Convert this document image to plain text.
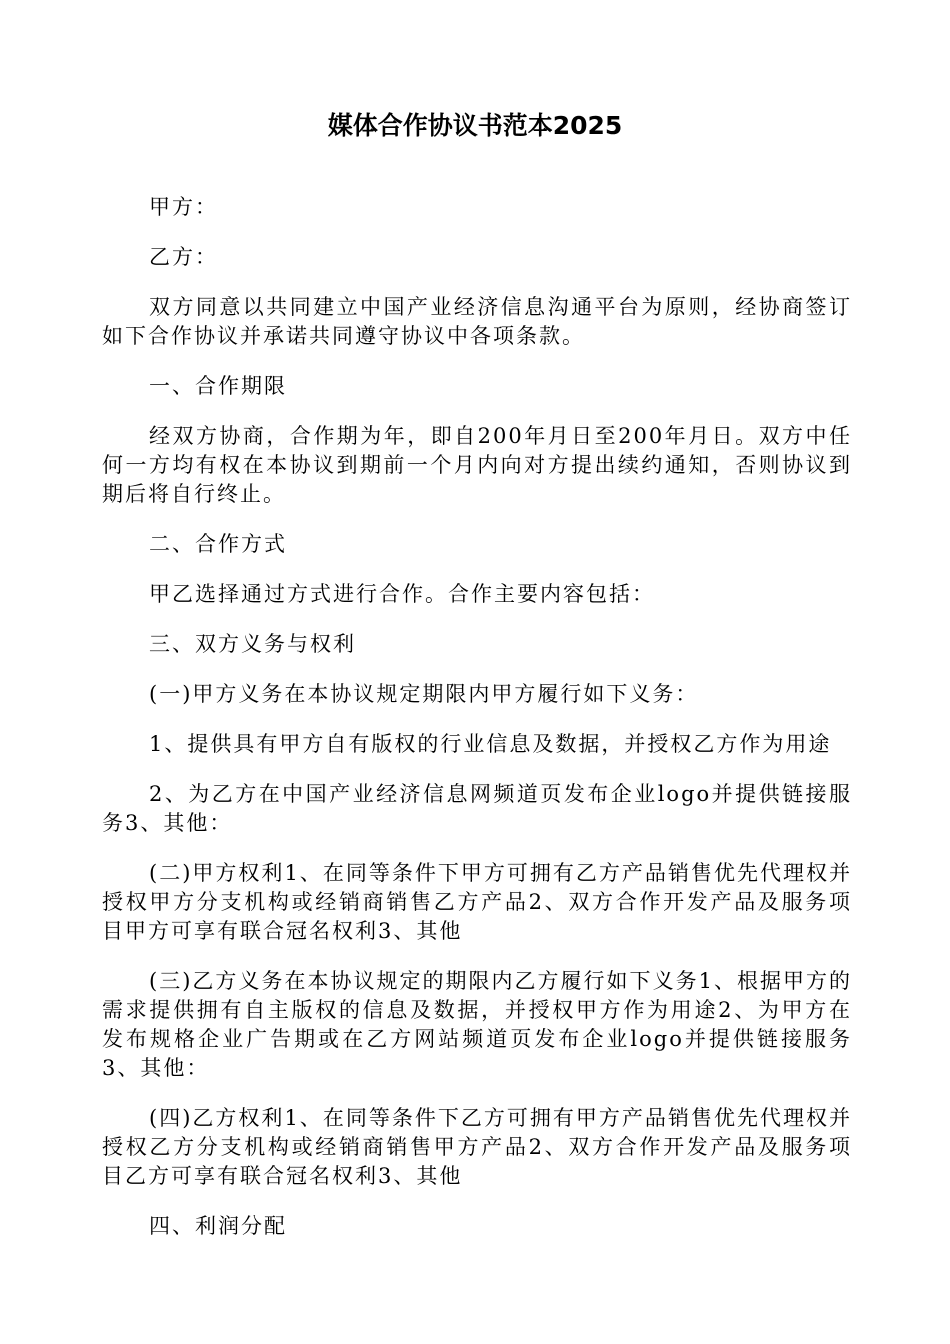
媒体合作协议书范本2025

甲方：

乙方：

双方同意以共同建立中国产业经济信息沟通平台为原则，经协商签订如下合作协议并承诺共同遵守协议中各项条款。

一、合作期限

经双方协商，合作期为年，即自200年月日至200年月日。双方中任何一方均有权在本协议到期前一个月内向对方提出续约通知，否则协议到期后将自行终止。

二、合作方式

甲乙选择通过方式进行合作。合作主要内容包括：

三、双方义务与权利

(一)甲方义务在本协议规定期限内甲方履行如下义务：

1、提供具有甲方自有版权的行业信息及数据，并授权乙方作为用途

2、为乙方在中国产业经济信息网频道页发布企业logo并提供链接服务3、其他：

(二)甲方权利1、在同等条件下甲方可拥有乙方产品销售优先代理权并授权甲方分支机构或经销商销售乙方产品2、双方合作开发产品及服务项目甲方可享有联合冠名权利3、其他

(三)乙方义务在本协议规定的期限内乙方履行如下义务1、根据甲方的需求提供拥有自主版权的信息及数据，并授权甲方作为用途2、为甲方在发布规格企业广告期或在乙方网站频道页发布企业logo并提供链接服务3、其他：

(四)乙方权利1、在同等条件下乙方可拥有甲方产品销售优先代理权并授权乙方分支机构或经销商销售甲方产品2、双方合作开发产品及服务项目乙方可享有联合冠名权利3、其他

四、利润分配
